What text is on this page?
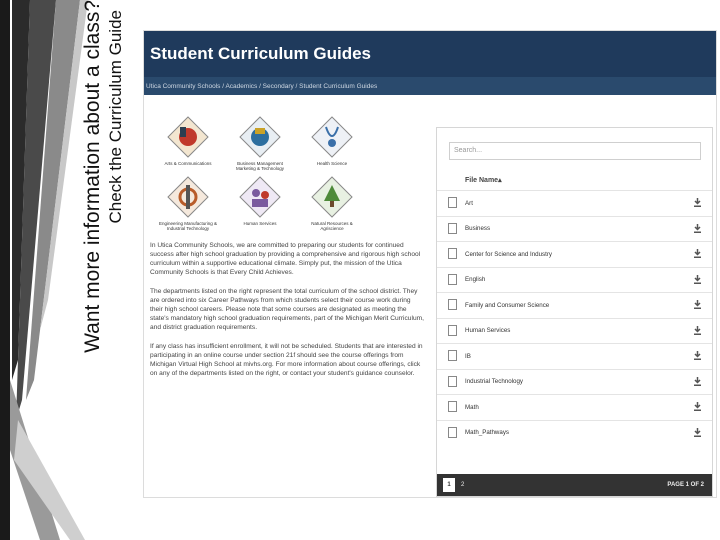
Want more information about a class? Check the Curriculum Guide Student Curriculum Guides
Utica Community Schools / Academics / Secondary / Student Curriculum Guides
Arts & Communications	Business Management Marketing & Technology
Health Science
Engineering Manufacturing & Industrial Technology
Human Services	Natural Resources & Agriscience
In Utica Community Schools, we are committed to preparing our students for continued success after high school graduation by providing a comprehensive and rigorous high school curriculum within a supportive educational climate. Simply put, the mission of the Utica Community Schools is that Every Child Achieves.
The departments listed on the right represent the total curriculum of the school district. They are ordered into six Career Pathways from which students select their course work during their high school careers. Please note that some courses are designated as meeting the state's mandatory high school graduation requirements, part of the Michigan Merit Curriculum, and district graduation requirements.
If any class has insufficient enrollment, it will not be scheduled. Students that are interested in participating in an online course under section 21f should see the course offerings from Michigan Virtual High School at mivhs.org. For more information about course offerings, click on any of the departments listed on the right, or contact your student's guidance counselor.
Search...
File Name▴
Art
Business
Center for Science and Industry
English
Family and Consumer Science
Human Services
IB
Industrial Technology
Math
Math_Pathways
1	2	PAGE 1 OF 2
